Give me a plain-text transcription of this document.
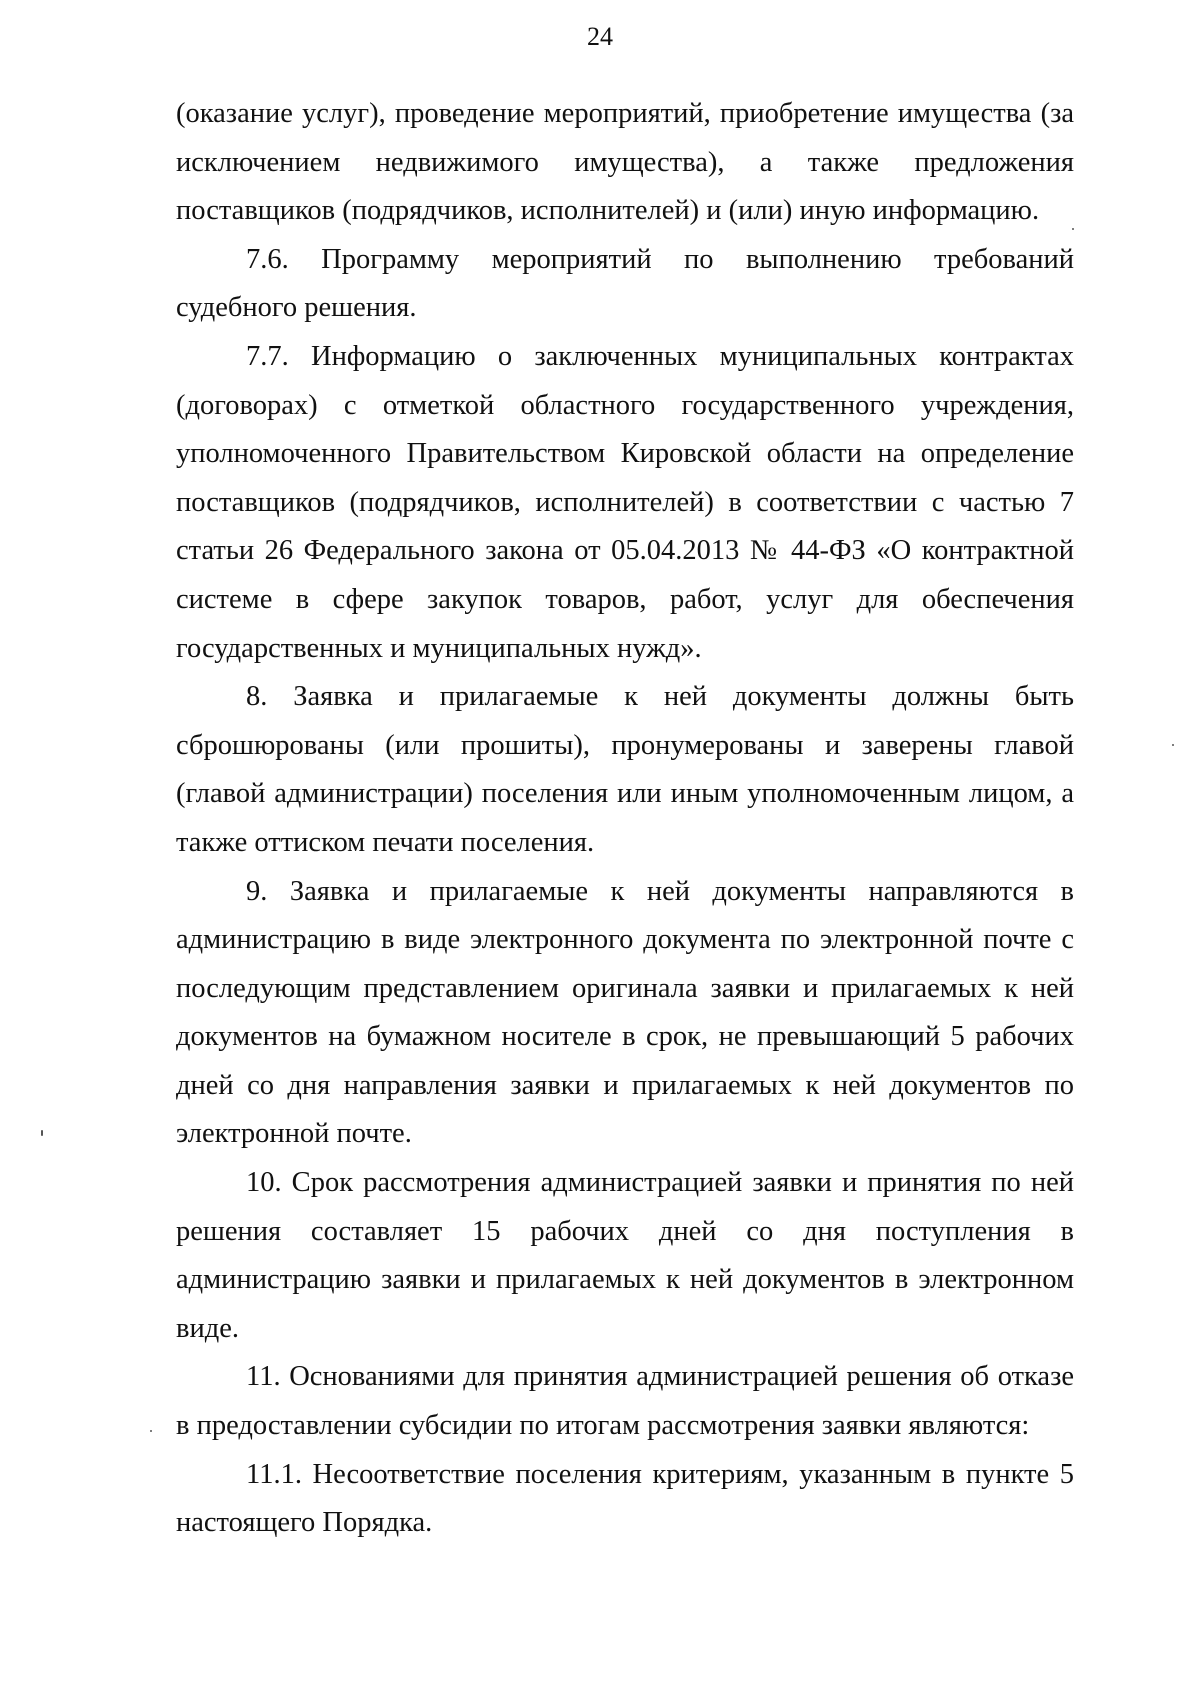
24

(оказание услуг), проведение мероприятий, приобретение имущества (за исключением недвижимого имущества), а также предложения поставщиков (подрядчиков, исполнителей) и (или) иную информацию.

7.6. Программу мероприятий по выполнению требований судебного решения.

7.7. Информацию о заключенных муниципальных контрактах (договорах) с отметкой областного государственного учреждения, уполномоченного Правительством Кировской области на определение поставщиков (подрядчиков, исполнителей) в соответствии с частью 7 статьи 26 Федерального закона от 05.04.2013 № 44-ФЗ «О контрактной системе в сфере закупок товаров, работ, услуг для обеспечения государственных и муниципальных нужд».

8. Заявка и прилагаемые к ней документы должны быть сброшюрованы (или прошиты), пронумерованы и заверены главой (главой администрации) поселения или иным уполномоченным лицом, а также оттиском печати поселения.

9. Заявка и прилагаемые к ней документы направляются в администрацию в виде электронного документа по электронной почте с последующим представлением оригинала заявки и прилагаемых к ней документов на бумажном носителе в срок, не превышающий 5 рабочих дней со дня направления заявки и прилагаемых к ней документов по электронной почте.

10. Срок рассмотрения администрацией заявки и принятия по ней решения составляет 15 рабочих дней со дня поступления в администрацию заявки и прилагаемых к ней документов в электронном виде.

11. Основаниями для принятия администрацией решения об отказе в предоставлении субсидии по итогам рассмотрения заявки являются:

11.1. Несоответствие поселения критериям, указанным в пункте 5 настоящего Порядка.
